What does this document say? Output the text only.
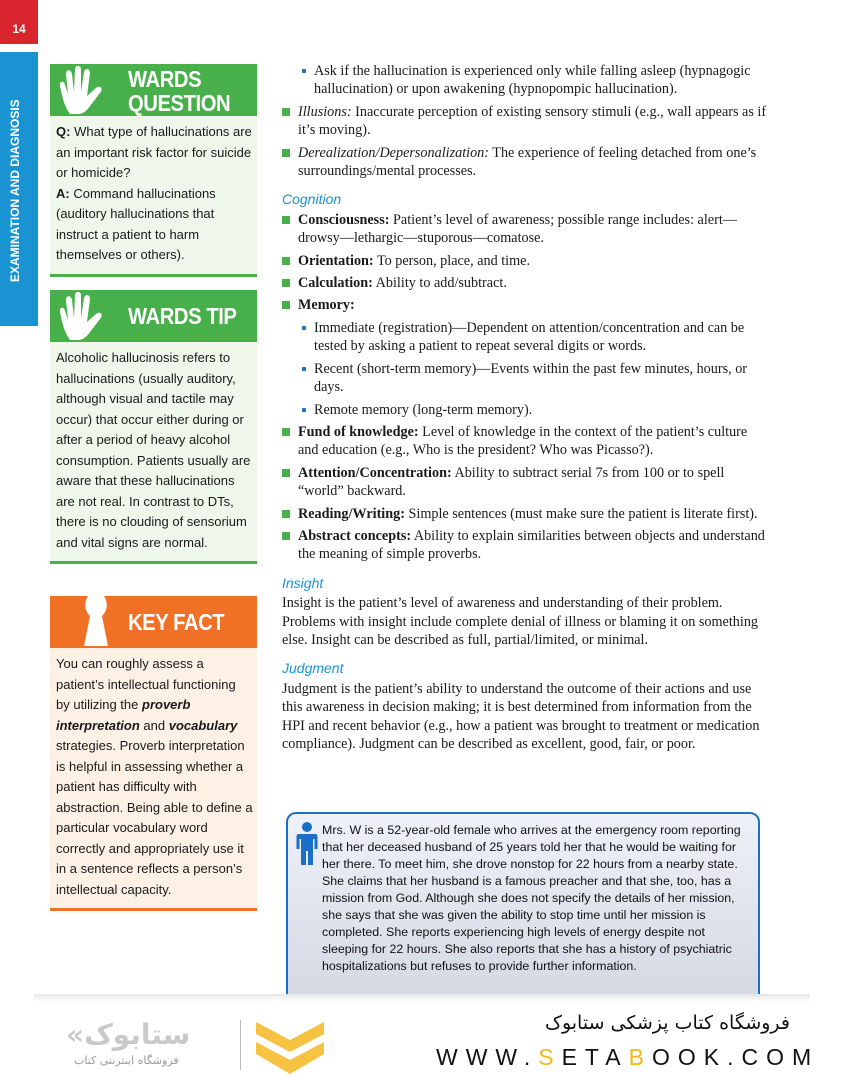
14
EXAMINATION AND DIAGNOSIS
WARDS
QUESTION
Q: What type of hallucinations are an important risk factor for suicide or homicide?
A: Command hallucinations (auditory hallucinations that instruct a patient to harm themselves or others).
WARDS TIP
Alcoholic hallucinosis refers to hallucinations (usually auditory, although visual and tactile may occur) that occur either during or after a period of heavy alcohol consumption. Patients usually are aware that these hallucinations are not real. In contrast to DTs, there is no clouding of sensorium and vital signs are normal.
KEY FACT
You can roughly assess a patient’s intellectual functioning by utilizing the proverb interpretation and vocabulary strategies. Proverb interpretation is helpful in assessing whether a patient has difficulty with abstraction. Being able to define a particular vocabulary word correctly and appropriately use it in a sentence reflects a person’s intellectual capacity.
Ask if the hallucination is experienced only while falling asleep (hypnagogic hallucination) or upon awakening (hypnopompic hallucination).
Illusions: Inaccurate perception of existing sensory stimuli (e.g., wall appears as if it’s moving).
Derealization/Depersonalization: The experience of feeling detached from one’s surroundings/mental processes.
Cognition
Consciousness: Patient’s level of awareness; possible range includes: alert—drowsy—lethargic—stuporous—comatose.
Orientation: To person, place, and time.
Calculation: Ability to add/subtract.
Memory:
Immediate (registration)—Dependent on attention/concentration and can be tested by asking a patient to repeat several digits or words.
Recent (short-term memory)—Events within the past few minutes, hours, or days.
Remote memory (long-term memory).
Fund of knowledge: Level of knowledge in the context of the patient’s culture and education (e.g., Who is the president? Who was Picasso?).
Attention/Concentration: Ability to subtract serial 7s from 100 or to spell “world” backward.
Reading/Writing: Simple sentences (must make sure the patient is literate first).
Abstract concepts: Ability to explain similarities between objects and understand the meaning of simple proverbs.
Insight
Insight is the patient’s level of awareness and understanding of their problem. Problems with insight include complete denial of illness or blaming it on something else. Insight can be described as full, partial/limited, or minimal.
Judgment
Judgment is the patient’s ability to understand the outcome of their actions and use this awareness in decision making; it is best determined from information from the HPI and recent behavior (e.g., how a patient was brought to treatment or medication compliance). Judgment can be described as excellent, good, fair, or poor.
Mrs. W is a 52-year-old female who arrives at the emergency room reporting that her deceased husband of 25 years told her that he would be waiting for her there. To meet him, she drove nonstop for 22 hours from a nearby state. She claims that her husband is a famous preacher and that she, too, has a mission from God. Although she does not specify the details of her mission, she says that she was given the ability to stop time until her mission is completed. She reports experiencing high levels of energy despite not sleeping for 22 hours. She also reports that she has a history of psychiatric hospitalizations but refuses to provide further information.
«ستابوک
فروشگاه اینترنتی کتاب
فروشگاه کتاب پزشکی ستابوک
WWW.SETABOOK.COM
